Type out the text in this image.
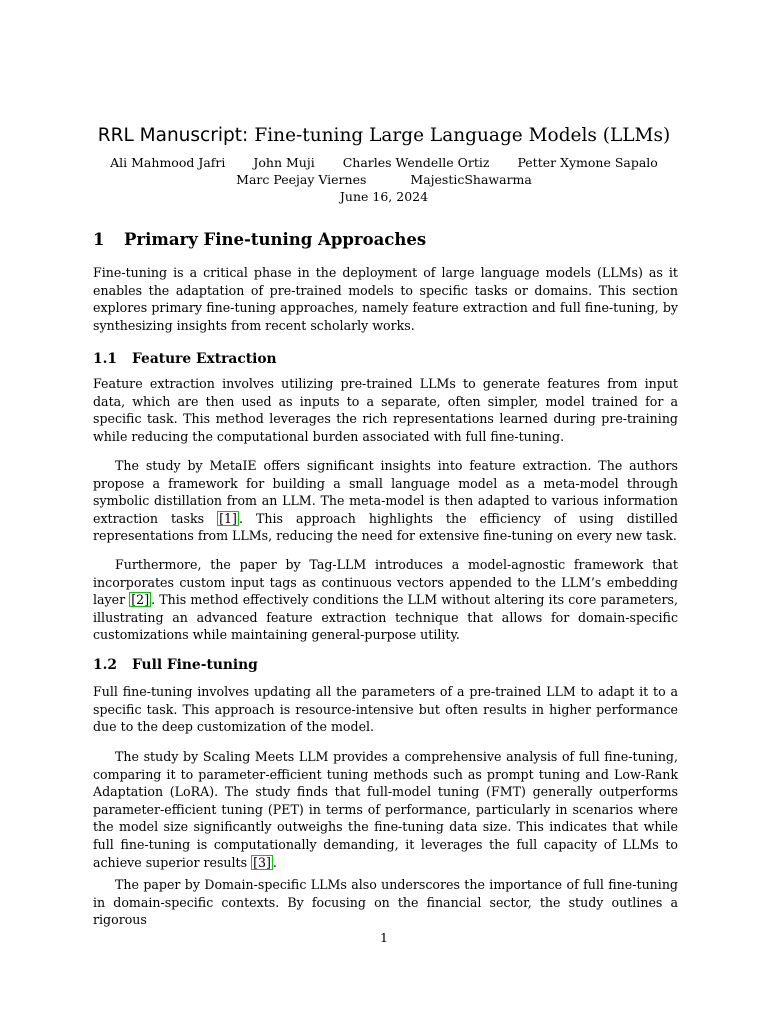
RRL Manuscript: Fine-tuning Large Language Models (LLMs)
Ali Mahmood Jafri John Muji Charles Wendelle Ortiz Petter Xymone Sapalo
Marc Peejay Viernes	MajesticShawarma
June 16, 2024
1 Primary Fine-tuning Approaches

Fine-tuning is a critical phase in the deployment of large language models (LLMs) as it enables the adaptation of pre-trained models to specific tasks or domains. This section explores primary fine-tuning approaches, namely feature extraction and full fine-tuning, by synthesizing insights from recent scholarly works.

1.1 Feature Extraction

Feature extraction involves utilizing pre-trained LLMs to generate features from input data, which are then used as inputs to a separate, often simpler, model trained for a specific task. This method leverages the rich representations learned during pre-training while reducing the computational burden associated with full fine-tuning.

The study by MetaIE offers significant insights into feature extraction. The authors propose a framework for building a small language model as a meta-model through symbolic distillation from an LLM. The meta-model is then adapted to various information extraction tasks [1] . This approach highlights the efficiency of using distilled representations from LLMs, reducing the need for extensive fine-tuning on every new task.

Furthermore, the paper by Tag-LLM introduces a model-agnostic framework that incorporates custom input tags as continuous vectors appended to the LLM’s embedding layer [2] . This method effectively conditions the LLM without altering its core parameters, illustrating an advanced feature extraction technique that allows for domain-specific customizations while maintaining general-purpose utility.

1.2 Full Fine-tuning

Full fine-tuning involves updating all the parameters of a pre-trained LLM to adapt it to a specific task. This approach is resource-intensive but often results in higher performance due to the deep customization of the model.

The study by Scaling Meets LLM provides a comprehensive analysis of full fine-tuning, comparing it to parameter-efficient tuning methods such as prompt tuning and Low-Rank Adaptation (LoRA). The study finds that full-model tuning (FMT) generally outperforms parameter-efficient tuning (PET) in terms of performance, particularly in scenarios where the model size significantly outweighs the fine-tuning data size. This indicates that while full fine-tuning is computationally demanding, it leverages the full capacity of LLMs to achieve superior results [3] .

The paper by Domain-specific LLMs also underscores the importance of full fine-tuning in domain-specific contexts. By focusing on the financial sector, the study outlines a rigorous

1
